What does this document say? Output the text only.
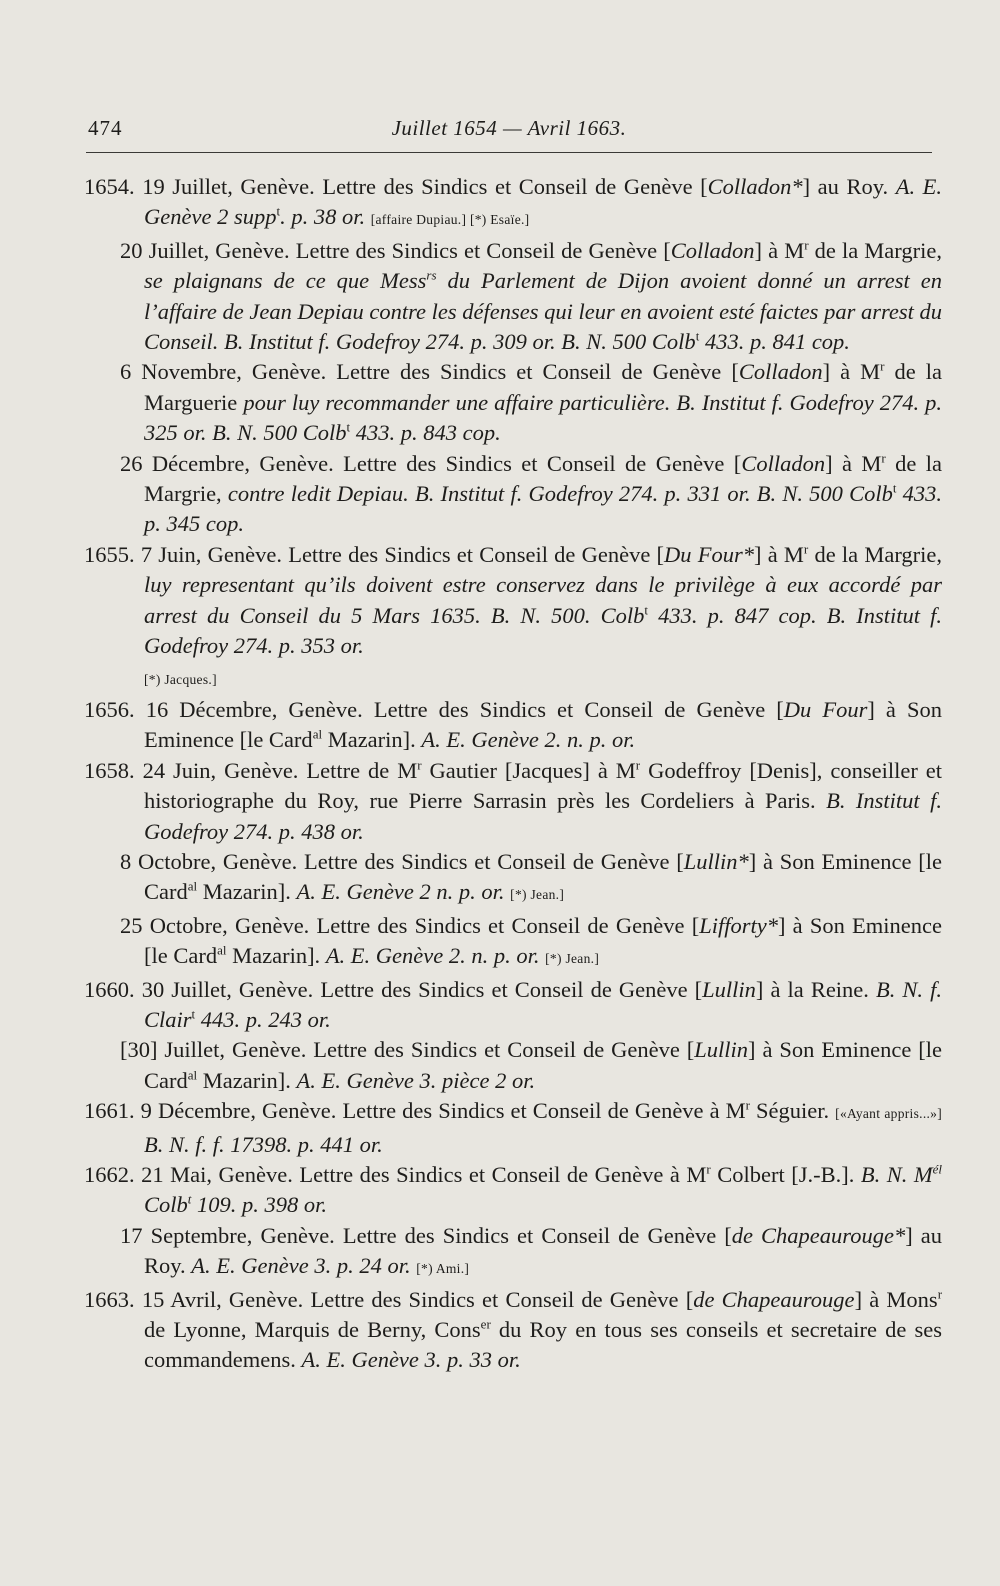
474	Juillet 1654 — Avril 1663.

1654. 19 Juillet, Genève. Lettre des Sindics et Conseil de Genève [Colladon*] au Roy. A. E. Genève 2 supp$^t$. p. 38 or. [affaire Dupiau.] [*) Esaïe.]

20 Juillet, Genève. Lettre des Sindics et Conseil de Genève [Colladon] à $M^r$ de la Margrie, se plaignans de ce que Mess$^{rs}$ du Parlement de Dijon avoient donné un arrest en l’affaire de Jean Depiau contre les défenses qui leur en avoient esté faictes par arrest du Conseil. B. Institut f. Godefroy 274. p. 309 or. B. N. 500 Colb$^t$ 433. p. 841 cop.

6 Novembre, Genève. Lettre des Sindics et Conseil de Genève [Colladon] à $M^r$ de la Marguerie pour luy recommander une affaire particulière. B. Institut f. Godefroy 274. p. 325 or. B. N. 500 Colb$^t$ 433. p. 843 cop.

26 Décembre, Genève. Lettre des Sindics et Conseil de Genève [Colladon] à $M^r$ de la Margrie, contre ledit Depiau. B. Institut f. Godefroy 274. p. 331 or. B. N. 500 Colb$^t$ 433. p. 345 cop.

1655. 7 Juin, Genève. Lettre des Sindics et Conseil de Genève [Du Four*] à $M^r$ de la Margrie, luy representant qu’ils doivent estre conservez dans le privilège à eux accordé par arrest du Conseil du 5 Mars 1635. B. N. 500. Colb$^t$ 433. p. 847 cop. B. Institut f. Godefroy 274. p. 353 or.
[*) Jacques.]

1656. 16 Décembre, Genève. Lettre des Sindics et Conseil de Genève [Du Four] à Son Eminence [le Card$^{al}$ Mazarin]. A. E. Genève 2. n. p. or.

1658. 24 Juin, Genève. Lettre de $M^r$ Gautier [Jacques] à $M^r$ Godeffroy [Denis], conseiller et historiographe du Roy, rue Pierre Sarrasin près les Cordeliers à Paris. B. Institut f. Godefroy 274. p. 438 or.

8 Octobre, Genève. Lettre des Sindics et Conseil de Genève [Lullin*] à Son Eminence [le Card$^{al}$ Mazarin]. A. E. Genève 2 n. p. or. [*) Jean.]

25 Octobre, Genève. Lettre des Sindics et Conseil de Genève [Lifforty*] à Son Eminence [le Card$^{al}$ Mazarin]. A. E. Genève 2. n. p. or. [*) Jean.]

1660. 30 Juillet, Genève. Lettre des Sindics et Conseil de Genève [Lullin] à la Reine. B. N. f. Clair$^t$ 443. p. 243 or.

[30] Juillet, Genève. Lettre des Sindics et Conseil de Genève [Lullin] à Son Eminence [le Card$^{al}$ Mazarin]. A. E. Genève 3. pièce 2 or.

1661. 9 Décembre, Genève. Lettre des Sindics et Conseil de Genève à $M^r$ Séguier. [«Ayant appris...»] B. N. f. f. 17398. p. 441 or.

1662. 21 Mai, Genève. Lettre des Sindics et Conseil de Genève à $M^r$ Colbert [J.-B.]. B. N. $M^{él}$ Colb$^t$ 109. p. 398 or.

17 Septembre, Genève. Lettre des Sindics et Conseil de Genève [de Chapeaurouge*] au Roy. A. E. Genève 3. p. 24 or. [*) Ami.]

1663. 15 Avril, Genève. Lettre des Sindics et Conseil de Genève [de Chapeaurouge] à Mons$^r$ de Lyonne, Marquis de Berny, Cons$^{er}$ du Roy en tous ses conseils et secretaire de ses commandemens. A. E. Genève 3. p. 33 or.
